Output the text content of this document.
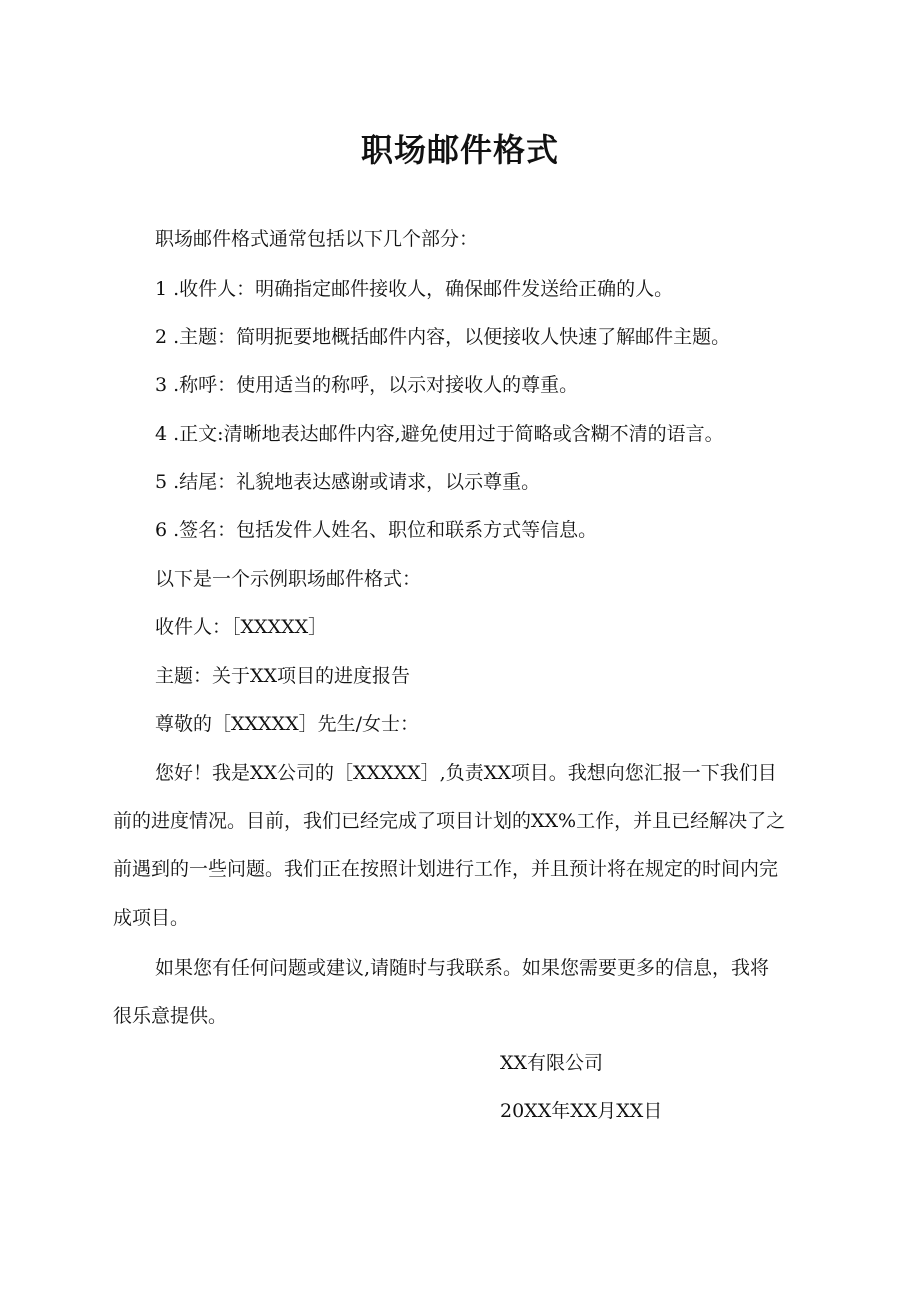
职场邮件格式
职场邮件格式通常包括以下几个部分：
1 .收件人：明确指定邮件接收人，确保邮件发送给正确的人。
2 .主题：简明扼要地概括邮件内容，以便接收人快速了解邮件主题。
3 .称呼：使用适当的称呼，以示对接收人的尊重。
4 .正文:清晰地表达邮件内容,避免使用过于简略或含糊不清的语言。
5 .结尾：礼貌地表达感谢或请求，以示尊重。
6 .签名：包括发件人姓名、职位和联系方式等信息。
以下是一个示例职场邮件格式：
收件人：［XXXXX］
主题：关于XX项目的进度报告
尊敬的［XXXXX］先生/女士：
您好！我是XX公司的［XXXXX］,负责XX项目。我想向您汇报一下我们目
前的进度情况。目前，我们已经完成了项目计划的XX%工作，并且已经解决了之
前遇到的一些问题。我们正在按照计划进行工作，并且预计将在规定的时间内完
成项目。
如果您有任何问题或建议,请随时与我联系。如果您需要更多的信息，我将
很乐意提供。
XX有限公司
20XX年XX月XX日
